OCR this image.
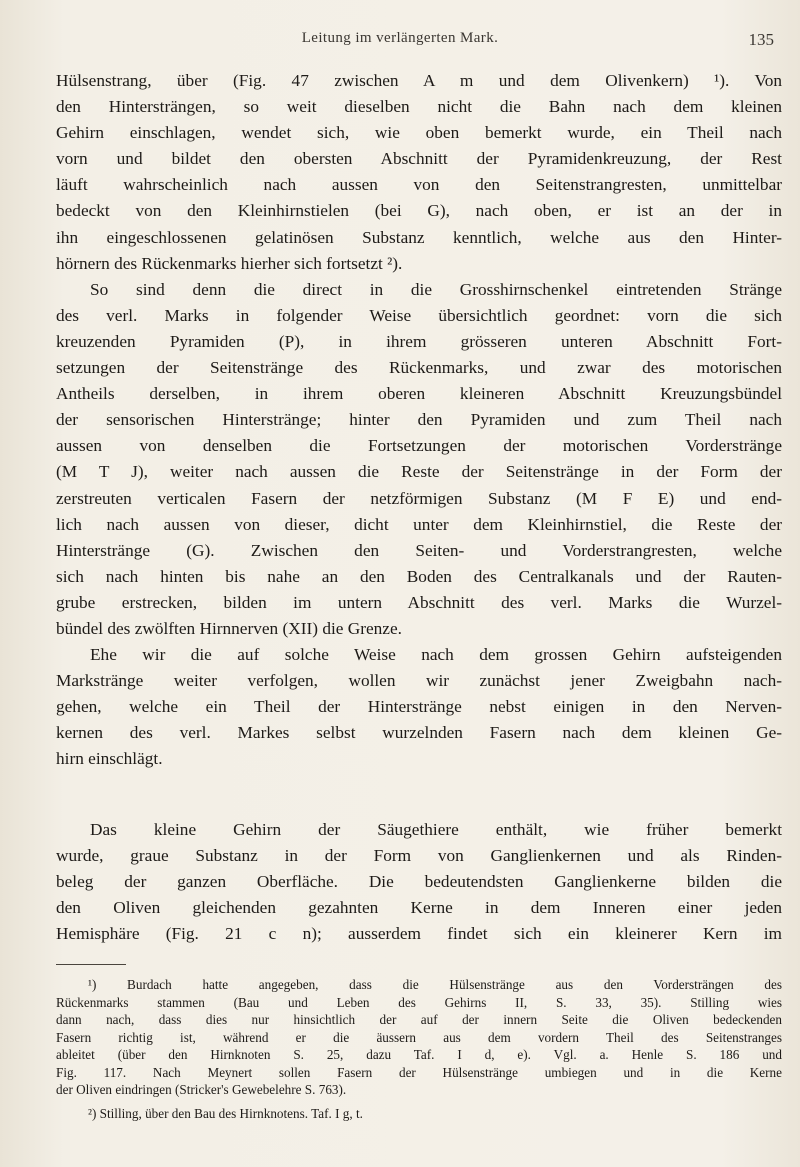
Leitung im verlängerten Mark.	135

Hülsenstrang, über (Fig. 47 zwischen A m und dem Olivenkern) ¹). Von
den Hintersträngen, so weit dieselben nicht die Bahn nach dem kleinen
Gehirn einschlagen, wendet sich, wie oben bemerkt wurde, ein Theil nach
vorn und bildet den obersten Abschnitt der Pyramidenkreuzung, der Rest
läuft wahrscheinlich nach aussen von den Seitenstrangresten, unmittelbar
bedeckt von den Kleinhirnstielen (bei G), nach oben, er ist an der in
ihn eingeschlossenen gelatinösen Substanz kenntlich, welche aus den Hinter-
hörnern des Rückenmarks hierher sich fortsetzt ²).

So sind denn die direct in die Grosshirnschenkel eintretenden Stränge
des verl. Marks in folgender Weise übersichtlich geordnet: vorn die sich
kreuzenden Pyramiden (P), in ihrem grösseren unteren Abschnitt Fort-
setzungen der Seitenstränge des Rückenmarks, und zwar des motorischen
Antheils derselben, in ihrem oberen kleineren Abschnitt Kreuzungsbündel
der sensorischen Hinterstränge; hinter den Pyramiden und zum Theil nach
aussen von denselben die Fortsetzungen der motorischen Vorderstränge
(M T J), weiter nach aussen die Reste der Seitenstränge in der Form der
zerstreuten verticalen Fasern der netzförmigen Substanz (M F E) und end-
lich nach aussen von dieser, dicht unter dem Kleinhirnstiel, die Reste der
Hinterstränge (G). Zwischen den Seiten- und Vorderstrangresten, welche
sich nach hinten bis nahe an den Boden des Centralkanals und der Rauten-
grube erstrecken, bilden im untern Abschnitt des verl. Marks die Wurzel-
bündel des zwölften Hirnnerven (XII) die Grenze.

Ehe wir die auf solche Weise nach dem grossen Gehirn aufsteigenden
Markstränge weiter verfolgen, wollen wir zunächst jener Zweigbahn nach-
gehen, welche ein Theil der Hinterstränge nebst einigen in den Nerven-
kernen des verl. Markes selbst wurzelnden Fasern nach dem kleinen Ge-
hirn einschlägt.

Das kleine Gehirn der Säugethiere enthält, wie früher bemerkt
wurde, graue Substanz in der Form von Ganglienkernen und als Rinden-
beleg der ganzen Oberfläche. Die bedeutendsten Ganglienkerne bilden die
den Oliven gleichenden gezahnten Kerne in dem Inneren einer jeden
Hemisphäre (Fig. 21 c n); ausserdem findet sich ein kleinerer Kern im

¹) Burdach hatte angegeben, dass die Hülsenstränge aus den Vordersträngen des
Rückenmarks stammen (Bau und Leben des Gehirns II, S. 33, 35). Stilling wies
dann nach, dass dies nur hinsichtlich der auf der innern Seite die Oliven bedeckenden
Fasern richtig ist, während er die äussern aus dem vordern Theil des Seitenstranges
ableitet (über den Hirnknoten S. 25, dazu Taf. I d, e). Vgl. a. Henle S. 186 und
Fig. 117. Nach Meynert sollen Fasern der Hülsenstränge umbiegen und in die Kerne
der Oliven eindringen (Stricker's Gewebelehre S. 763).
²) Stilling, über den Bau des Hirnknotens. Taf. I g, t.
